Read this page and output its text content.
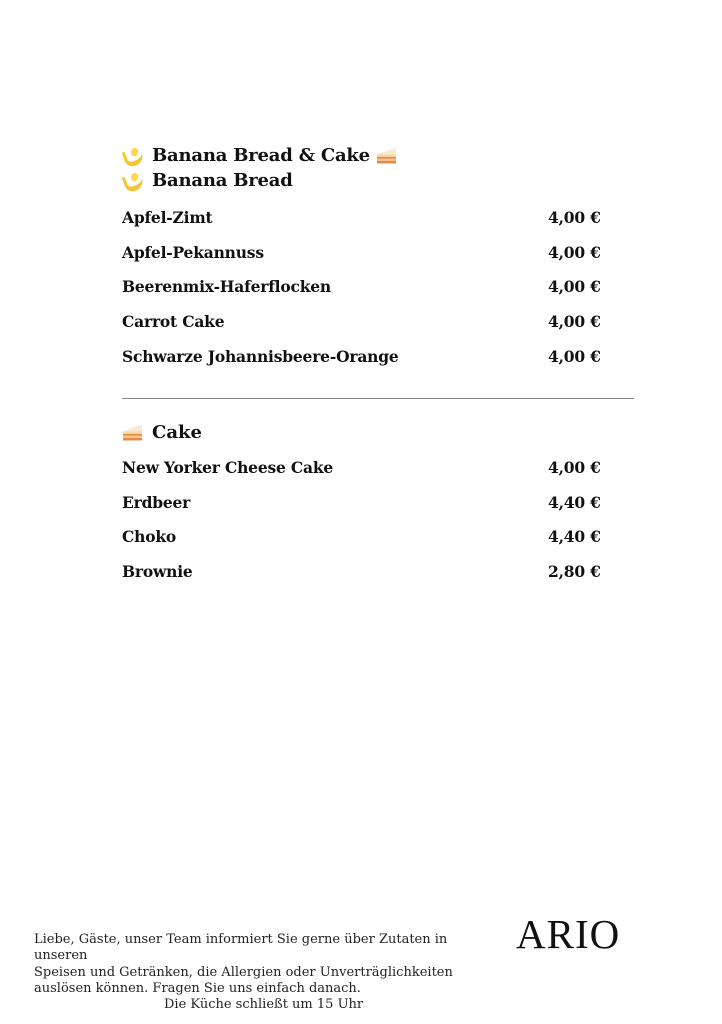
Banana Bread & Cake
Banana Bread
Apfel-Zimt	4,00 €
Apfel-Pekannuss	4,00 €
Beerenmix-Haferflocken	4,00 €
Carrot Cake	4,00 €
Schwarze Johannisbeere-Orange	4,00 €
Cake
New Yorker Cheese Cake	4,00 €
Erdbeer	4,40 €
Choko	4,40 €
Brownie	2,80 €

Liebe, Gäste, unser Team informiert Sie gerne über Zutaten in unseren

Speisen und Getränken, die Allergien oder Unverträglichkeiten

auslösen können. Fragen Sie uns einfach danach.

Die Küche schließt um 15 Uhr

ARIO
